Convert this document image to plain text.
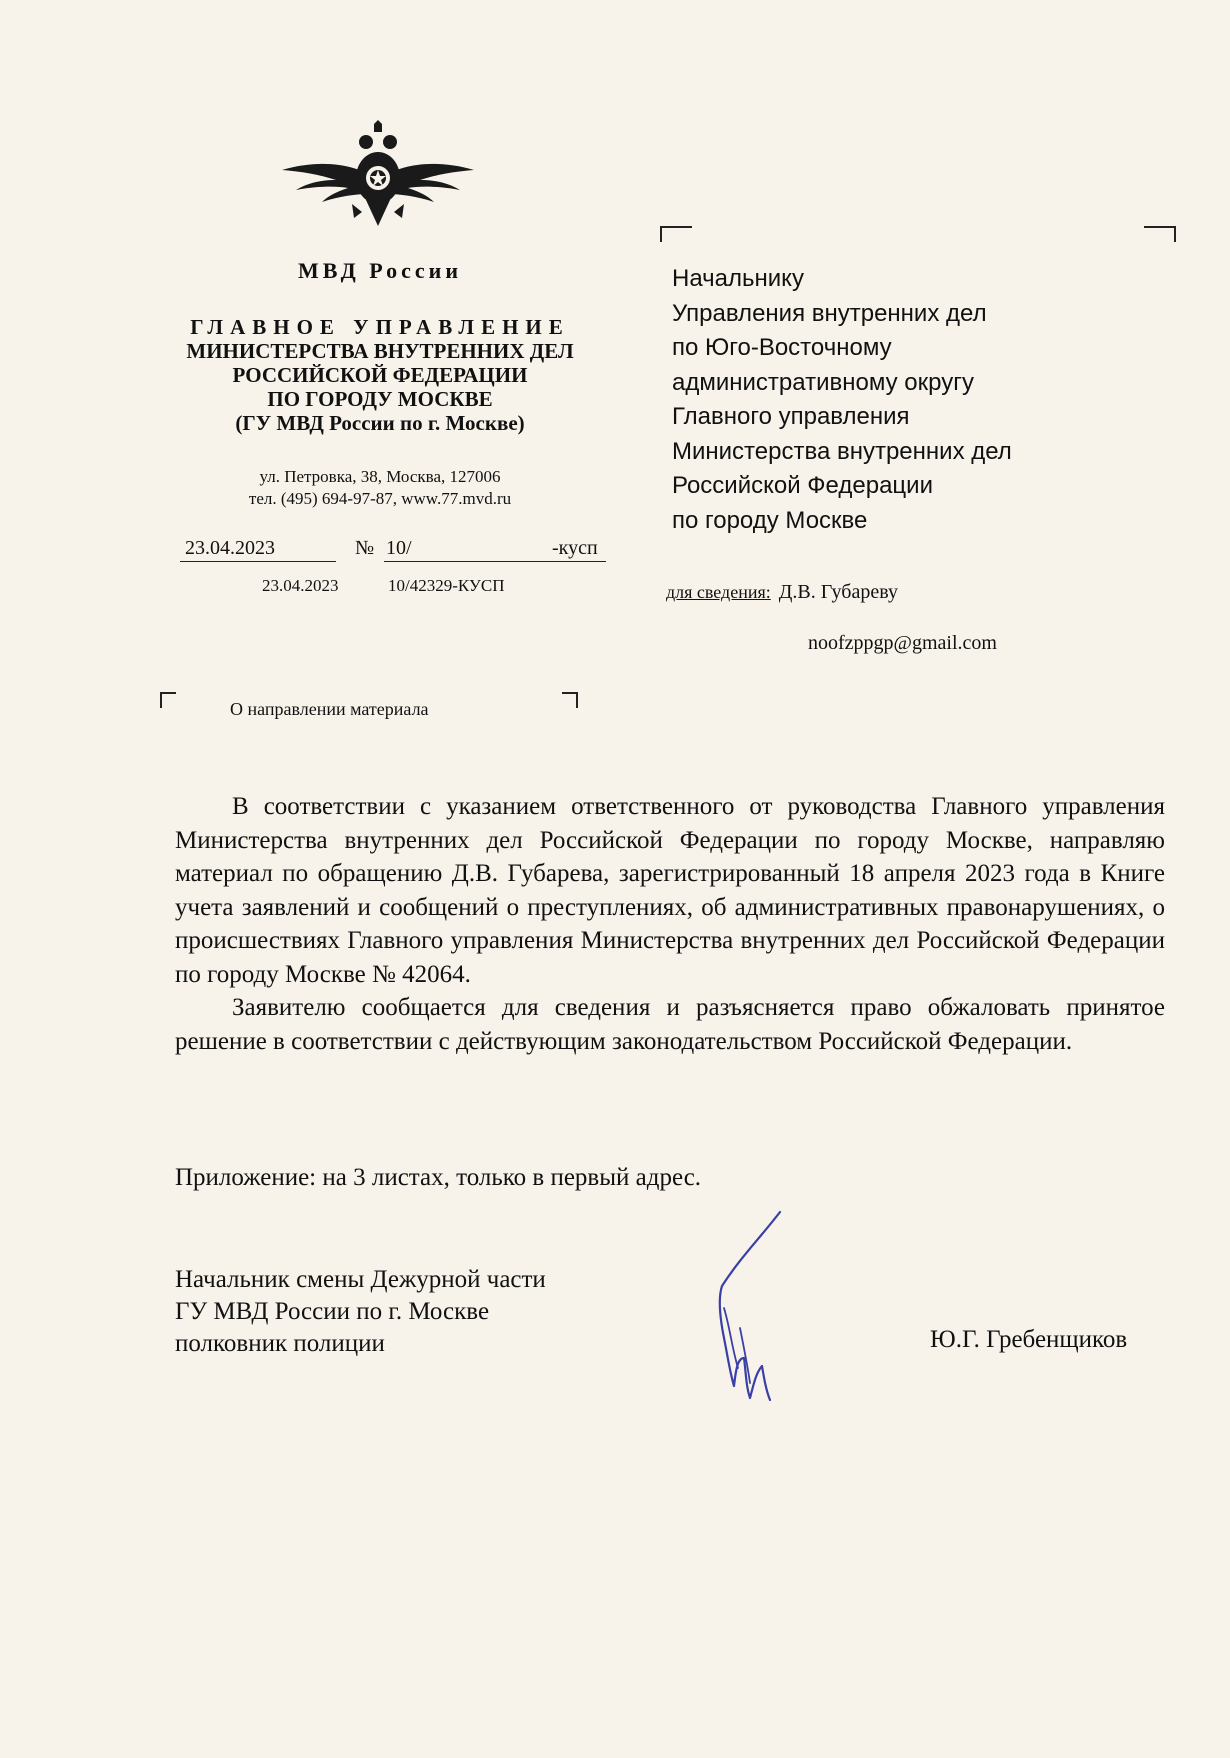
МВД России
ГЛАВНОЕ УПРАВЛЕНИЕ
МИНИСТЕРСТВА ВНУТРЕННИХ ДЕЛ
РОССИЙСКОЙ ФЕДЕРАЦИИ
ПО ГОРОДУ МОСКВЕ
(ГУ МВД России по г. Москве)
ул. Петровка, 38, Москва, 127006
тел. (495) 694-97-87, www.77.mvd.ru
23.04.2023	№ 10/	-кусп
23.04.2023	10/42329-КУСП
О направлении материала
Начальнику
Управления внутренних дел
по Юго-Восточному
административному округу
Главного управления
Министерства внутренних дел
Российской Федерации
по городу Москве
для сведения: Д.В. Губареву
noofzppgp@gmail.com

В соответствии с указанием ответственного от руководства Главного управления Министерства внутренних дел Российской Федерации по городу Москве, направляю материал по обращению Д.В. Губарева, зарегистрированный 18 апреля 2023 года в Книге учета заявлений и сообщений о преступлениях, об административных правонарушениях, о происшествиях Главного управления Министерства внутренних дел Российской Федерации по городу Москве № 42064.

Заявителю сообщается для сведения и разъясняется право обжаловать принятое решение в соответствии с действующим законодательством Российской Федерации.

Приложение: на 3 листах, только в первый адрес.
Начальник смены Дежурной части
ГУ МВД России по г. Москве
полковник полиции	Ю.Г. Гребенщиков
